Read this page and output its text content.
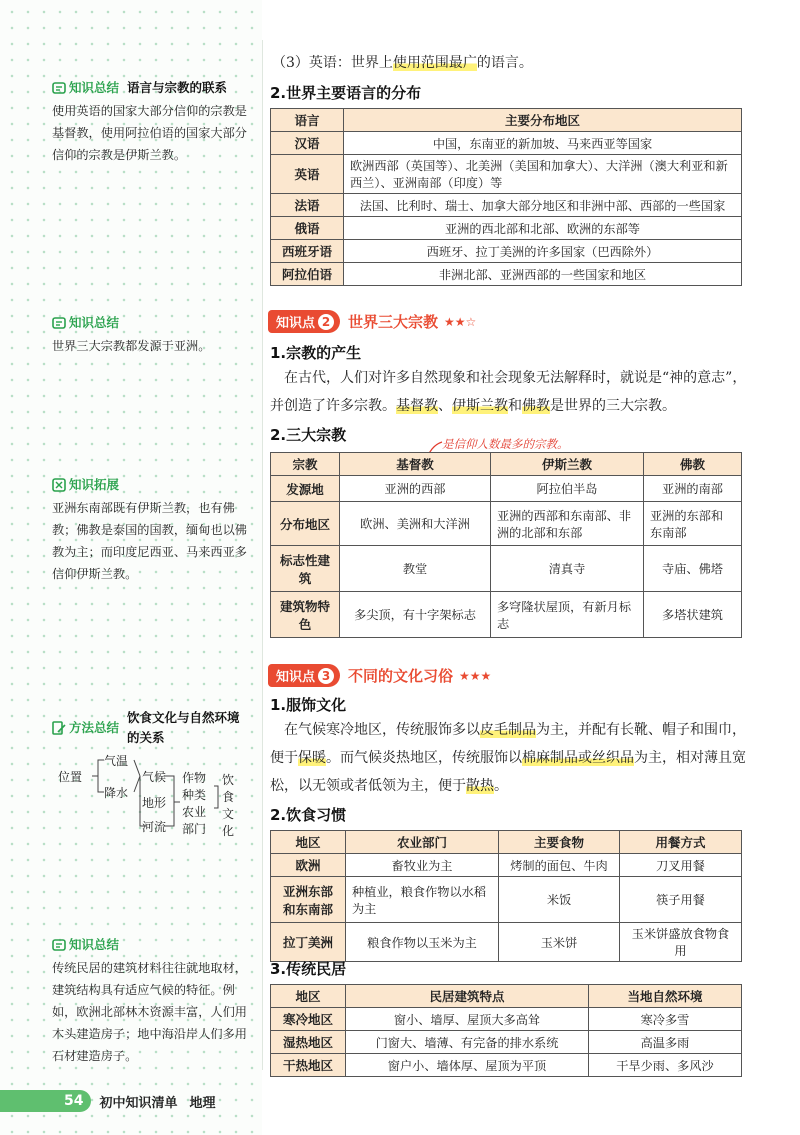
知识总结 语言与宗教的联系
使用英语的国家大部分信仰的宗教是基督教，使用阿拉伯语的国家大部分信仰的宗教是伊斯兰教。
知识总结
世界三大宗教都发源于亚洲。
知识拓展
亚洲东南部既有伊斯兰教，也有佛教；佛教是泰国的国教，缅甸也以佛教为主；而印度尼西亚、马来西亚多信仰伊斯兰教。
方法总结
饮食文化与自然环境的关系
位置
气温
降水
气候
地形
河流
作物种类
农业部门
饮食文化
知识总结
传统民居的建筑材料往往就地取材，建筑结构具有适应气候的特征。例如，欧洲北部林木资源丰富，人们用木头建造房子；地中海沿岸人们多用石材建造房子。
（3）英语：世界上使用范围最广的语言。
2.世界主要语言的分布
语言	主要分布地区
汉语	中国，东南亚的新加坡、马来西亚等国家
英语	欧洲西部（英国等）、北美洲（美国和加拿大）、大洋洲（澳大利亚和新西兰）、亚洲南部（印度）等
法语	法国、比利时、瑞士、加拿大部分地区和非洲中部、西部的一些国家
俄语	亚洲的西北部和北部、欧洲的东部等
西班牙语	西班牙、拉丁美洲的许多国家（巴西除外）
阿拉伯语	非洲北部、亚洲西部的一些国家和地区
知识点 2 世界三大宗教 ★★☆
1.宗教的产生
在古代，人们对许多自然现象和社会现象无法解释时，就说是“神的意志”，并创造了许多宗教。基督教、伊斯兰教和佛教是世界的三大宗教。
2.三大宗教	是信仰人数最多的宗教。
宗教	基督教	伊斯兰教	佛教
发源地	亚洲的西部	阿拉伯半岛	亚洲的南部
分布地区	欧洲、美洲和大洋洲	亚洲的西部和东南部、非洲的北部和东部	亚洲的东部和东南部
标志性建筑	教堂	清真寺	寺庙、佛塔
建筑物特色	多尖顶，有十字架标志	多穹隆状屋顶，有新月标志	多塔状建筑
知识点 3 不同的文化习俗 ★★★
1.服饰文化
在气候寒冷地区，传统服饰多以皮毛制品为主，并配有长靴、帽子和围巾，便于保暖。而气候炎热地区，传统服饰以棉麻制品或丝织品为主，相对薄且宽松，以无领或者低领为主，便于散热。
2.饮食习惯
地区	农业部门	主要食物	用餐方式
欧洲	畜牧业为主	烤制的面包、牛肉	刀叉用餐
亚洲东部和东南部	种植业，粮食作物以水稻为主	米饭	筷子用餐
拉丁美洲	粮食作物以玉米为主	玉米饼	玉米饼盛放食物食用
3.传统民居
地区	民居建筑特点	当地自然环境
寒冷地区	窗小、墙厚、屋顶大多高耸	寒冷多雪
湿热地区	门窗大、墙薄、有完备的排水系统	高温多雨
干热地区	窗户小、墙体厚、屋顶为平顶	干旱少雨、多风沙
54	初中知识清单 地理
